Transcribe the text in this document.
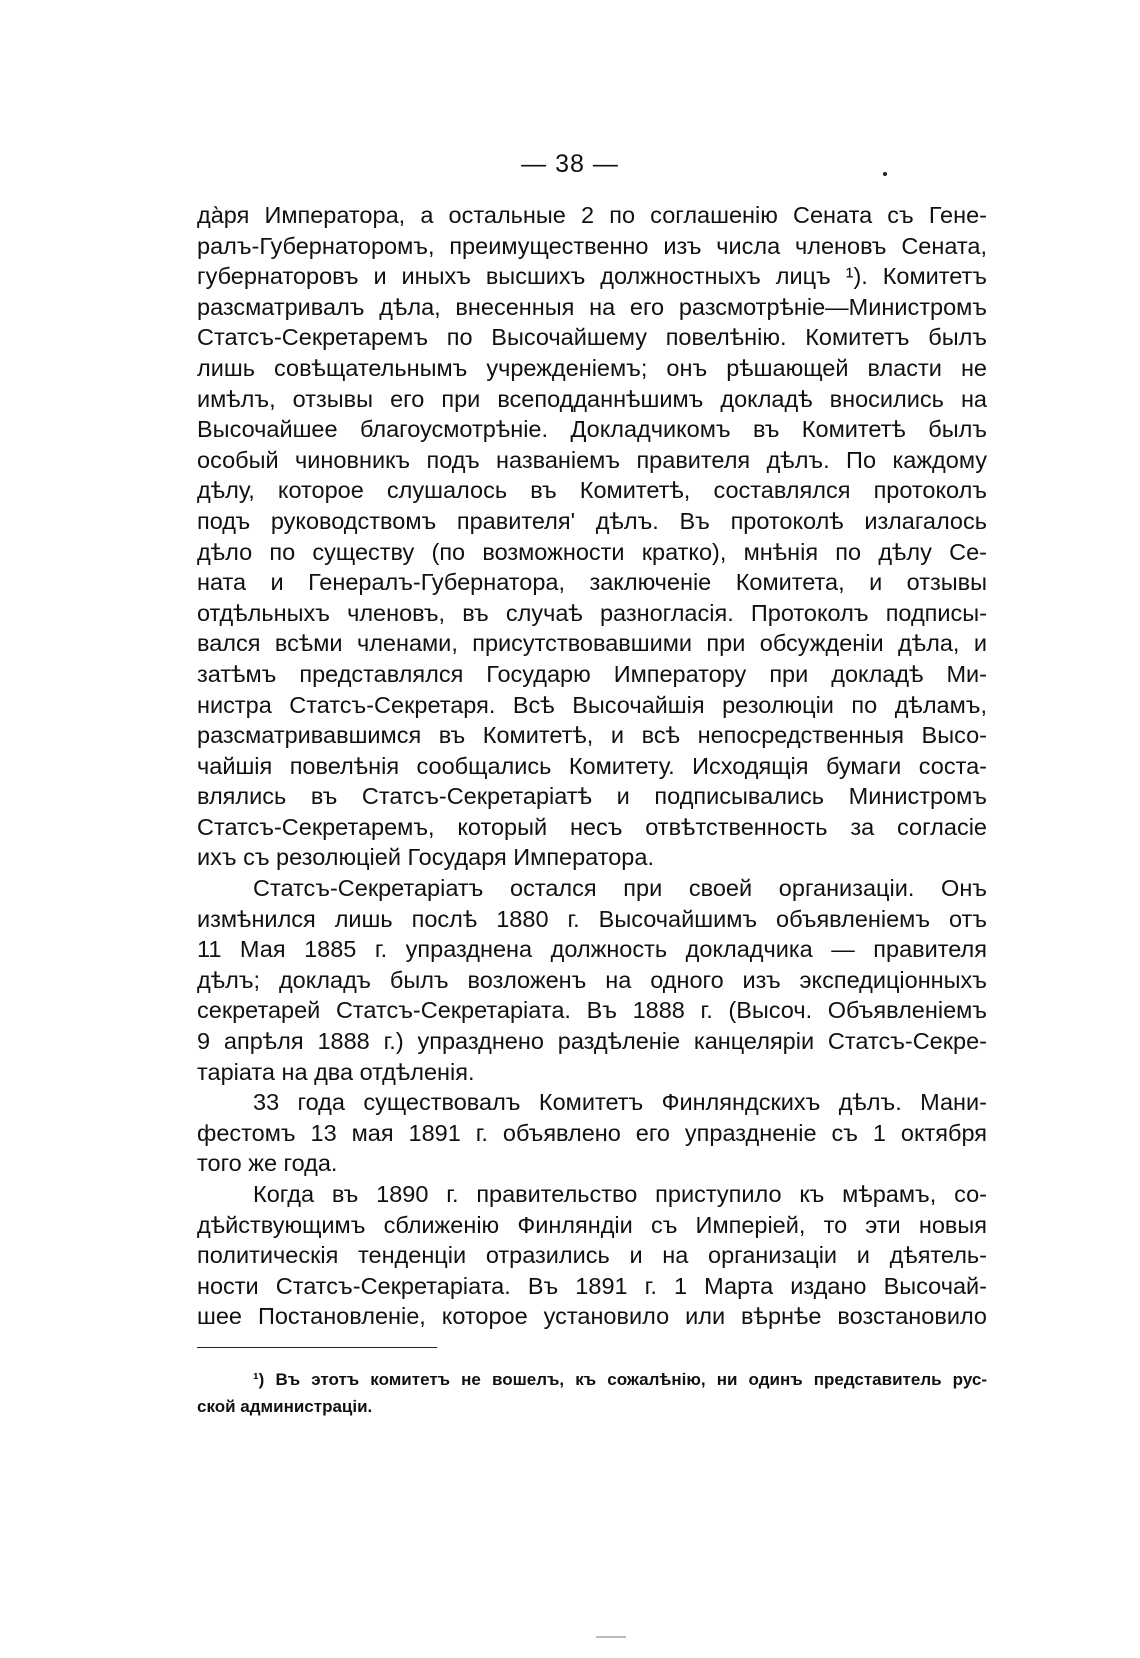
— 38 —
да̀ря Императора, а остальные 2 по соглашенію Сената съ Гене-
ралъ-Губернаторомъ, преимущественно изъ числа членовъ Сената,
губернаторовъ и иныхъ высшихъ должностныхъ лицъ ¹). Комитетъ
разсматривалъ дѣла, внесенныя на его разсмотрѣніе—Министромъ
Статсъ-Секретаремъ по Высочайшему повелѣнію. Комитетъ былъ
лишь совѣщательнымъ учрежденіемъ; онъ рѣшающей власти не
имѣлъ, отзывы его при всеподданнѣшимъ докладѣ вносились на
Высочайшее благоусмотрѣніе. Докладчикомъ въ Комитетѣ былъ
особый чиновникъ подъ названіемъ правителя дѣлъ. По каждому
дѣлу, которое слушалось въ Комитетѣ, составлялся протоколъ
подъ руководствомъ правителя' дѣлъ. Въ протоколѣ излагалось
дѣло по существу (по возможности кратко), мнѣнія по дѣлу Се-
ната и Генералъ-Губернатора, заключеніе Комитета, и отзывы
отдѣльныхъ членовъ, въ случаѣ разногласія. Протоколъ подписы-
вался всѣми членами, присутствовавшими при обсужденіи дѣла, и
затѣмъ представлялся Государю Императору при докладѣ Ми-
нистра Статсъ-Секретаря. Всѣ Высочайшія резолюціи по дѣламъ,
разсматривавшимся въ Комитетѣ, и всѣ непосредственныя Высо-
чайшія повелѣнія сообщались Комитету. Исходящія бумаги соста-
влялись въ Статсъ-Секретаріатѣ и подписывались Министромъ
Статсъ-Секретаремъ, который несъ отвѣтственность за согласіе
ихъ съ резолюціей Государя Императора.
Статсъ-Секретаріатъ остался при своей организаціи. Онъ
измѣнился лишь послѣ 1880 г. Высочайшимъ объявленіемъ отъ
11 Мая 1885 г. упразднена должность докладчика — правителя
дѣлъ; докладъ былъ возложенъ на одного изъ экспедиціонныхъ
секретарей Статсъ-Секретаріата. Въ 1888 г. (Высоч. Объявленіемъ
9 апрѣля 1888 г.) упразднено раздѣленіе канцеляріи Статсъ-Секре-
таріата на два отдѣленія.
33 года существовалъ Комитетъ Финляндскихъ дѣлъ. Мани-
фестомъ 13 мая 1891 г. объявлено его упраздненіе съ 1 октября
того же года.
Когда въ 1890 г. правительство приступило къ мѣрамъ, со-
дѣйствующимъ сближенію Финляндіи съ Имперіей, то эти новыя
политическія тенденціи отразились и на организаціи и дѣятель-
ности Статсъ-Секретаріата. Въ 1891 г. 1 Марта издано Высочай-
шее Постановленіе, которое установило или вѣрнѣе возстановило
¹) Въ этотъ комитетъ не вошелъ, къ сожалѣнію, ни одинъ представитель рус-
ской администраціи.
